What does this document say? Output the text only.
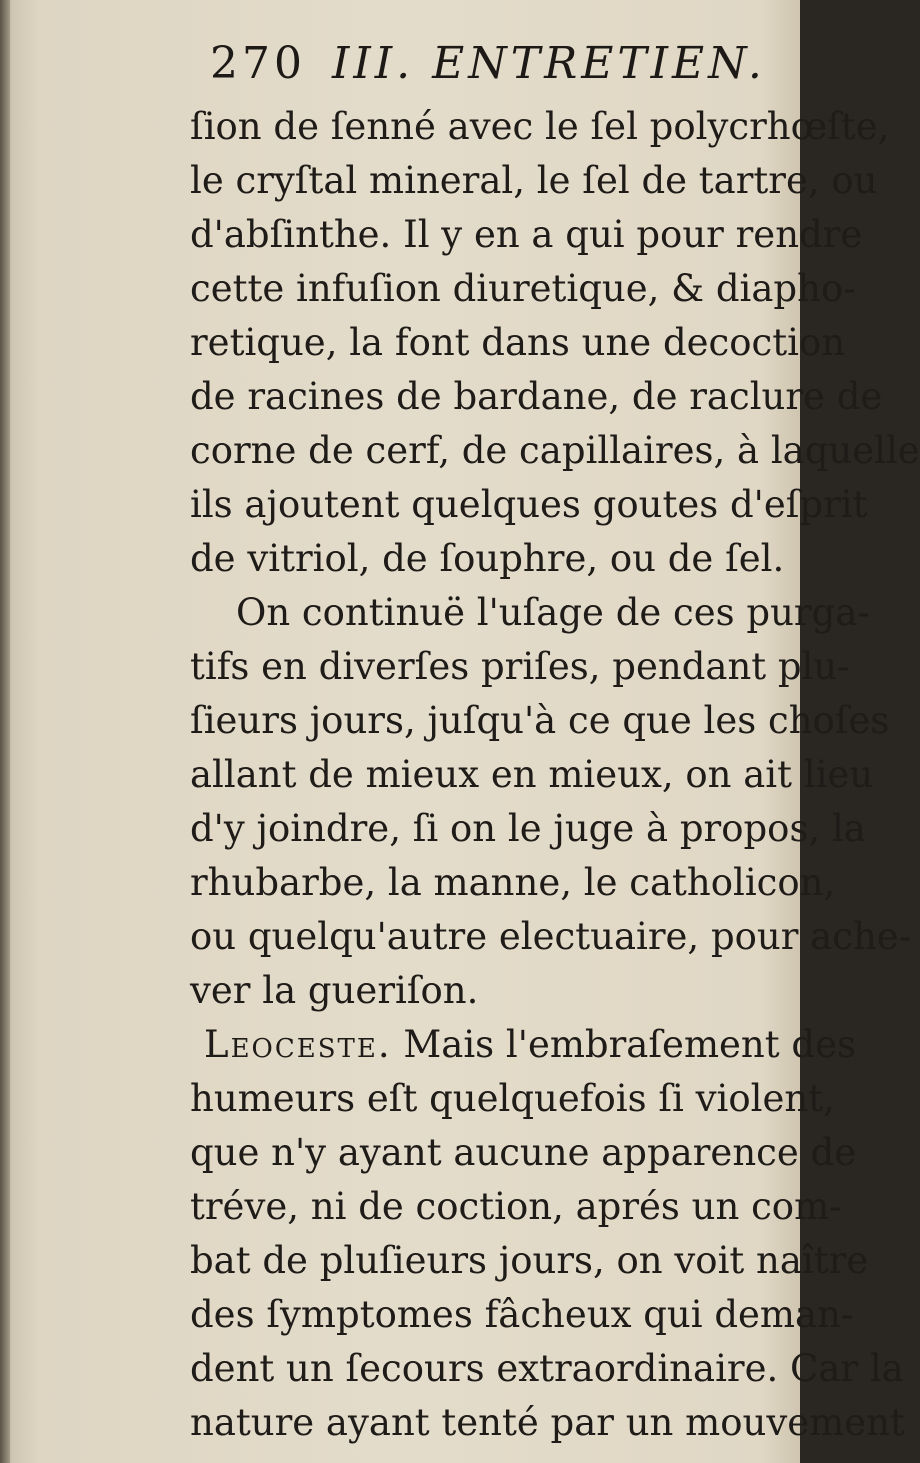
270 III. ENTRETIEN.
ſion de ſenné avec le ſel polycrhœſte,
le cryſtal mineral, le ſel de tartre, ou
d'abſinthe. Il y en a qui pour rendre
cette infuſion diuretique, & diapho-
retique, la font dans une decoction
de racines de bardane, de raclure de
corne de cerf, de capillaires, à laquelle
ils ajoutent quelques goutes d'eſprit
de vitriol, de ſouphre, ou de ſel.
On continuë l'uſage de ces purga-
tifs en diverſes priſes, pendant plu-
ſieurs jours, juſqu'à ce que les choſes
allant de mieux en mieux, on ait lieu
d'y joindre, ſi on le juge à propos, la
rhubarbe, la manne, le catholicon,
ou quelqu'autre electuaire, pour ache-
ver la gueriſon.
Leoceste. Mais l'embraſement des
humeurs eſt quelquefois ſi violent,
que n'y ayant aucune apparence de
tréve, ni de coction, aprés un com-
bat de pluſieurs jours, on voit naître
des ſymptomes fâcheux qui deman-
dent un ſecours extraordinaire. Car la
nature ayant tenté par un mouvement
